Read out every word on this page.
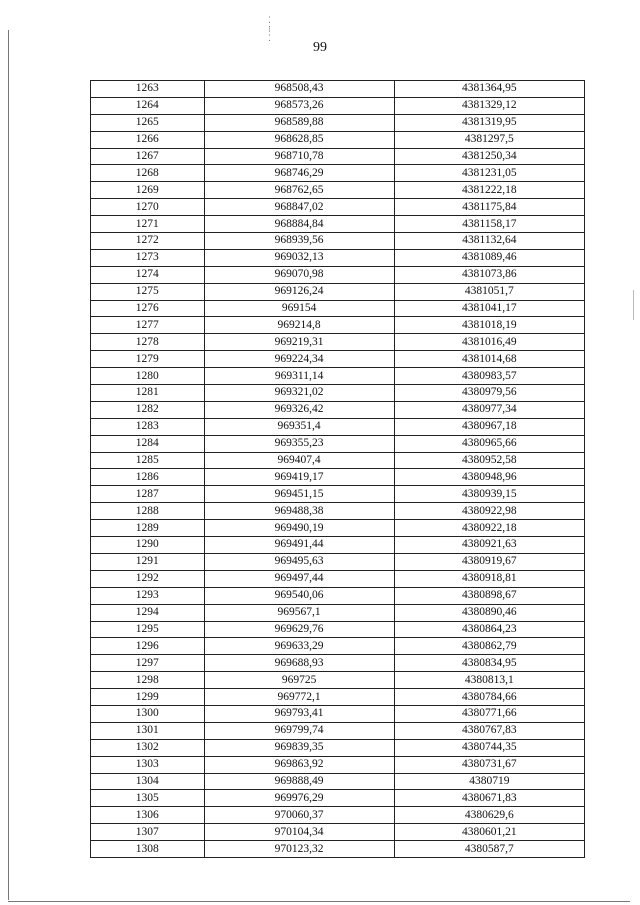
⁚
⁝
⁚
99
1263	968508,43	4381364,95
1264	968573,26	4381329,12
1265	968589,88	4381319,95
1266	968628,85	4381297,5
1267	968710,78	4381250,34
1268	968746,29	4381231,05
1269	968762,65	4381222,18
1270	968847,02	4381175,84
1271	968884,84	4381158,17
1272	968939,56	4381132,64
1273	969032,13	4381089,46
1274	969070,98	4381073,86
1275	969126,24	4381051,7
1276	969154	4381041,17
1277	969214,8	4381018,19
1278	969219,31	4381016,49
1279	969224,34	4381014,68
1280	969311,14	4380983,57
1281	969321,02	4380979,56
1282	969326,42	4380977,34
1283	969351,4	4380967,18
1284	969355,23	4380965,66
1285	969407,4	4380952,58
1286	969419,17	4380948,96
1287	969451,15	4380939,15
1288	969488,38	4380922,98
1289	969490,19	4380922,18
1290	969491,44	4380921,63
1291	969495,63	4380919,67
1292	969497,44	4380918,81
1293	969540,06	4380898,67
1294	969567,1	4380890,46
1295	969629,76	4380864,23
1296	969633,29	4380862,79
1297	969688,93	4380834,95
1298	969725	4380813,1
1299	969772,1	4380784,66
1300	969793,41	4380771,66
1301	969799,74	4380767,83
1302	969839,35	4380744,35
1303	969863,92	4380731,67
1304	969888,49	4380719
1305	969976,29	4380671,83
1306	970060,37	4380629,6
1307	970104,34	4380601,21
1308	970123,32	4380587,7
